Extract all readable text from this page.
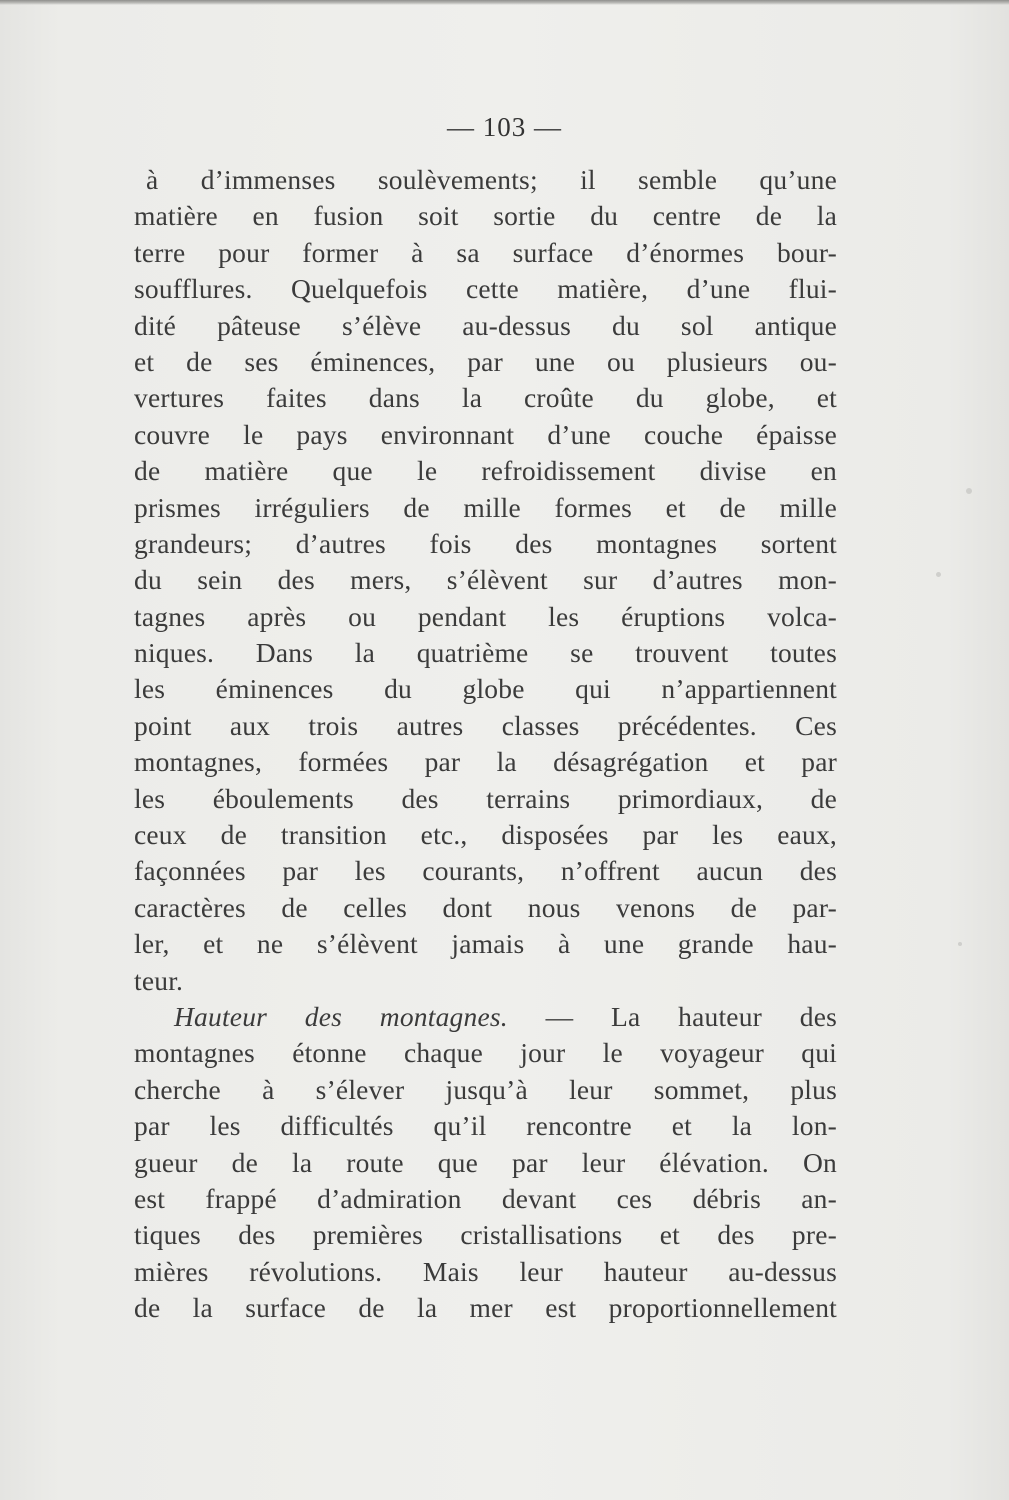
— 103 —
à d’immenses soulèvements; il semble qu’une
matière en fusion soit sortie du centre de la
terre pour former à sa surface d’énormes bour-
soufflures. Quelquefois cette matière, d’une flui-
dité pâteuse s’élève au-dessus du sol antique
et de ses éminences, par une ou plusieurs ou-
vertures faites dans la croûte du globe, et
couvre le pays environnant d’une couche épaisse
de matière que le refroidissement divise en
prismes irréguliers de mille formes et de mille
grandeurs; d’autres fois des montagnes sortent
du sein des mers, s’élèvent sur d’autres mon-
tagnes après ou pendant les éruptions volca-
niques. Dans la quatrième se trouvent toutes
les éminences du globe qui n’appartiennent
point aux trois autres classes précédentes. Ces
montagnes, formées par la désagrégation et par
les éboulements des terrains primordiaux, de
ceux de transition etc., disposées par les eaux,
façonnées par les courants, n’offrent aucun des
caractères de celles dont nous venons de par-
ler, et ne s’élèvent jamais à une grande hau-
teur.
Hauteur des montagnes. — La hauteur des
montagnes étonne chaque jour le voyageur qui
cherche à s’élever jusqu’à leur sommet, plus
par les difficultés qu’il rencontre et la lon-
gueur de la route que par leur élévation. On
est frappé d’admiration devant ces débris an-
tiques des premières cristallisations et des pre-
mières révolutions. Mais leur hauteur au-dessus
de la surface de la mer est proportionnellement
